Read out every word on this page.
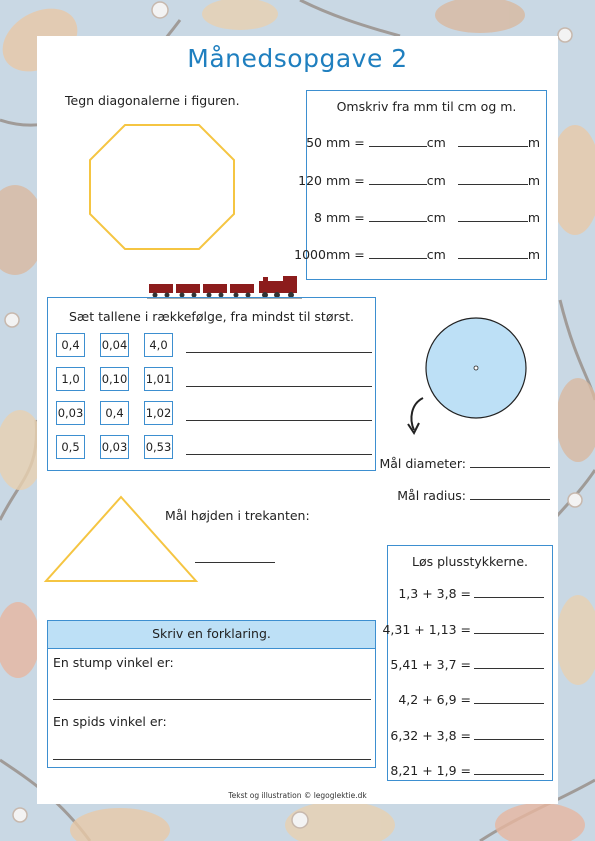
Månedsopgave 2
Tegn diagonalerne i figuren.	Omskriv fra mm til cm og m.
50 mm =	cm	m
120 mm =	cm	m
8 mm =	cm	m
1000mm =	cm	m
Sæt tallene i rækkefølge, fra mindst til størst.
0,4	0,04	4,0
1,0	0,10 1,01
0,03	0,4	1,02
0,5	0,03 0,53
Mål diameter:
Mål radius:
Mål højden i trekanten:
Skriv en forklaring.
En stump vinkel er:
En spids vinkel er:
Løs plusstykkerne.
1,3 + 3,8 =
4,31 + 1,13 =
5,41 + 3,7 =
4,2 + 6,9 =
6,32 + 3,8 =
8,21 + 1,9 =
Tekst og illustration © legoglektie.dk
